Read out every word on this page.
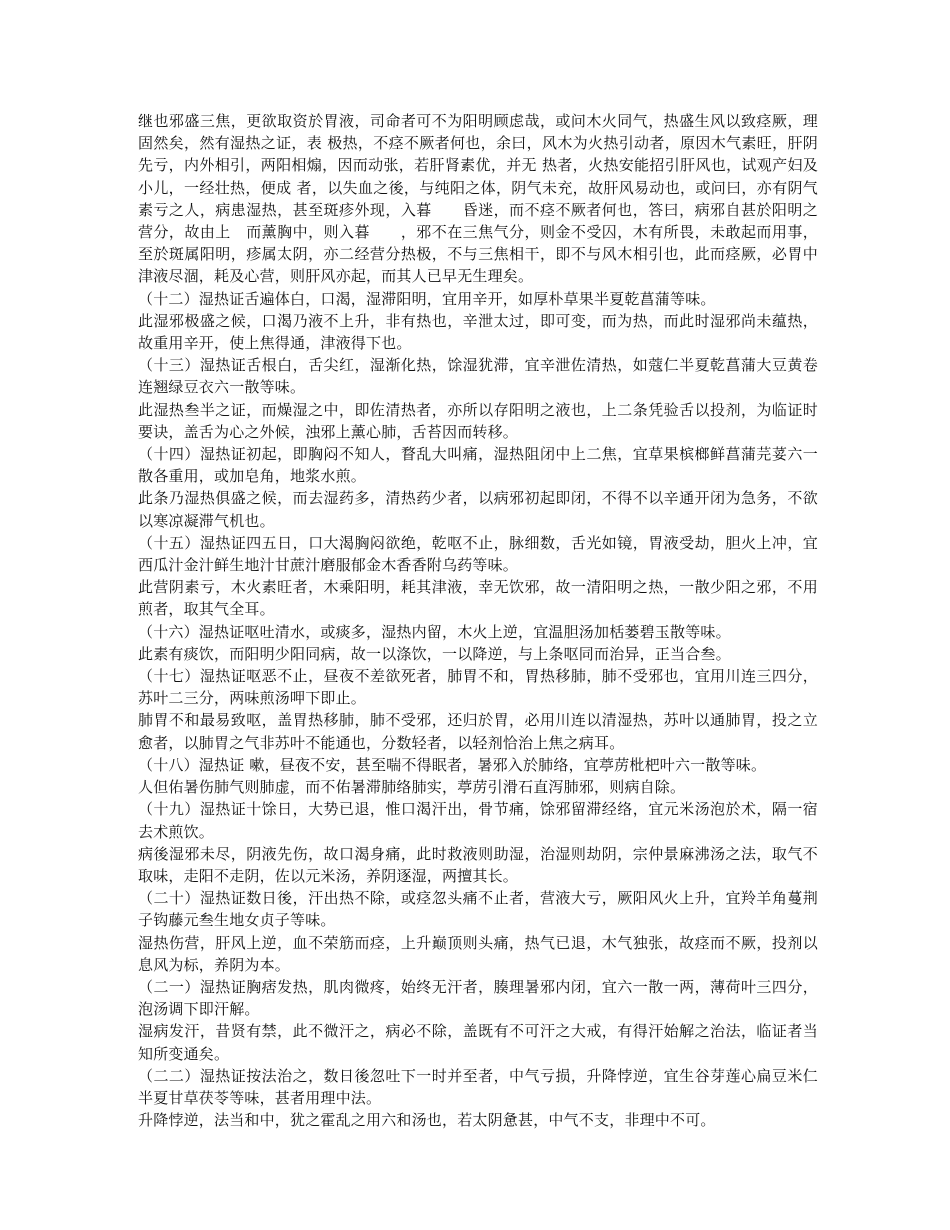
继也邪盛三焦，更欲取资於胃液，司命者可不为阳明顾虑哉，或问木火同气，热盛生风以致痉厥，理固然矣，然有湿热之证，表 极热，不痉不厥者何也，余曰，风木为火热引动者，原因木气素旺，肝阴先亏，内外相引，两阳相煽，因而动张，若肝肾素优，并无 热者，火热安能招引肝风也，试观产妇及小儿，一经壮热，便成 者，以失血之後，与纯阳之体，阴气未充，故肝风易动也，或问曰，亦有阴气素亏之人，病患湿热，甚至斑疹外现，入暮　　昏迷，而不痉不厥者何也，答曰，病邪自甚於阳明之营分，故由上　而薰胸中，则入暮　　，邪不在三焦气分，则金不受囚，木有所畏，未敢起而用事，至於斑属阳明，疹属太阴，亦二经营分热极，不与三焦相干，即不与风木相引也，此而痉厥，必胃中津液尽涸，耗及心营，则肝风亦起，而其人已早无生理矣。

（十二）湿热证舌遍体白，口渴，湿滞阳明，宜用辛开，如厚朴草果半夏乾菖蒲等味。

此湿邪极盛之候，口渴乃液不上升，非有热也，辛泄太过，即可变，而为热，而此时湿邪尚未蕴热，故重用辛开，使上焦得通，津液得下也。

（十三）湿热证舌根白，舌尖红，湿渐化热，馀湿犹滞，宜辛泄佐清热，如蔻仁半夏乾菖蒲大豆黄卷连翘绿豆衣六一散等味。

此湿热叁半之证，而燥湿之中，即佐清热者，亦所以存阳明之液也，上二条凭验舌以投剂，为临证时要诀，盖舌为心之外候，浊邪上薰心肺，舌苔因而转移。

（十四）湿热证初起，即胸闷不知人，瞀乱大叫痛，湿热阻闭中上二焦，宜草果槟榔鲜菖蒲芫荽六一散各重用，或加皂角，地浆水煎。

此条乃湿热俱盛之候，而去湿药多，清热药少者，以病邪初起即闭，不得不以辛通开闭为急务，不欲以寒凉凝滞气机也。

（十五）湿热证四五日，口大渴胸闷欲绝，乾呕不止，脉细数，舌光如镜，胃液受劫，胆火上冲，宜西瓜汁金汁鲜生地汁甘蔗汁磨服郁金木香香附乌药等味。

此营阴素亏，木火素旺者，木乘阳明，耗其津液，幸无饮邪，故一清阳明之热，一散少阳之邪，不用煎者，取其气全耳。

（十六）湿热证呕吐清水，或痰多，湿热内留，木火上逆，宜温胆汤加栝蒌碧玉散等味。

此素有痰饮，而阳明少阳同病，故一以涤饮，一以降逆，与上条呕同而治异，正当合叁。

（十七）湿热证呕恶不止，昼夜不差欲死者，肺胃不和，胃热移肺，肺不受邪也，宜用川连三四分，苏叶二三分，两味煎汤呷下即止。

肺胃不和最易致呕，盖胃热移肺，肺不受邪，还归於胃，必用川连以清湿热，苏叶以通肺胃，投之立愈者，以肺胃之气非苏叶不能通也，分数轻者，以轻剂恰治上焦之病耳。

（十八）湿热证 嗽，昼夜不安，甚至喘不得眠者，暑邪入於肺络，宜葶苈枇杷叶六一散等味。

人但佑暑伤肺气则肺虚，而不佑暑滞肺络肺实，葶苈引滑石直泻肺邪，则病自除。

（十九）湿热证十馀日，大势已退，惟口渴汗出，骨节痛，馀邪留滞经络，宜元米汤泡於术，隔一宿去术煎饮。

病後湿邪未尽，阴液先伤，故口渴身痛，此时救液则助湿，治湿则劫阴，宗仲景麻沸汤之法，取气不取味，走阳不走阴，佐以元米汤，养阴逐湿，两擅其长。

（二十）湿热证数日後，汗出热不除，或痉忽头痛不止者，营液大亏，厥阳风火上升，宜羚羊角蔓荆子钩藤元叁生地女贞子等味。

湿热伤营，肝风上逆，血不荣筋而痉，上升巅顶则头痛，热气已退，木气独张，故痉而不厥，投剂以息风为标，养阴为本。

（二一）湿热证胸痞发热，肌肉微疼，始终无汗者，腠理暑邪内闭，宜六一散一两，薄荷叶三四分，泡汤调下即汗解。

湿病发汗，昔贤有禁，此不微汗之，病必不除，盖既有不可汗之大戒，有得汗始解之治法，临证者当知所变通矣。

（二二）湿热证按法治之，数日後忽吐下一时并至者，中气亏损，升降悖逆，宜生谷芽莲心扁豆米仁半夏甘草茯苓等味，甚者用理中法。

升降悖逆，法当和中，犹之霍乱之用六和汤也，若太阴惫甚，中气不支，非理中不可。
